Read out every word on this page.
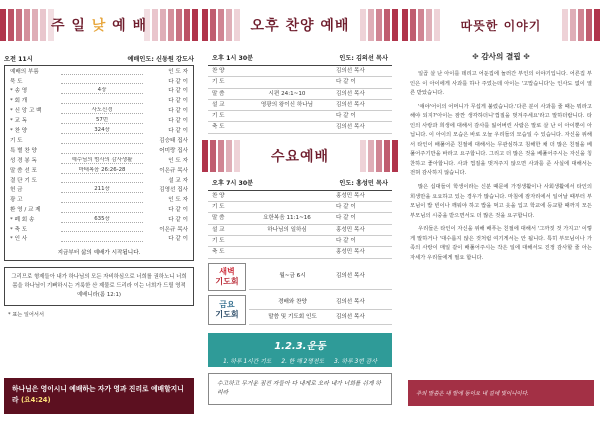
주 일 낮 예 배
오전 11시	예배인도: 신동원 강도사
예배의 부름	인 도 자
묵 도	다 같 이
* 송 영	4장	다 같 이
* 회 개	다 같 이
* 신 앙 고 백	사도신경	다 같 이
* 교 독	57번	다 같 이
* 찬 양	324장	다 같 이
기 도	김승태 집사
특 별 찬 양	어미랑 집사
성 경 봉 독	예수님의 범사의 감사생활	인 도 자
말 씀 선 포	마태복음 26:26-28	이은규 목사
결 단 기 도	설 교 자
헌 금	211장	김영선 집사
광 고	인 도 자
환 영 / 교 제	다 같 이
* 폐 회 송	635장	다 같 이
* 축 도	이은규 목사
* 인 사	다 같 이
지금부터 삶의 예배가 시작됩니다.
그리므로 형제들아 내가 하나님의 모든 자비하심으로 너희를 권하노니 너희 몸을 하나님이 기뻐하시는 거룩한 산 제물로 드리라 이는 너희가 드릴 영적 예배니라(롬 12:1)
* 표는 일어서서
하나님은 영이시니 예배하는 자가 영과 진리로 예배할지니라 (요4:24)
오후 찬양 예배
오후 1시 30분	인도: 김의선 목사
찬 양	김의선 목사
기 도	다 같 이
말 씀	시편 24:1~10	김의선 목사
설 교	영광의 왕이신 하나님	김의선 목사
기 도	다 같 이
축 도	김의선 목사
수요예배
오후 7시 30분	인도: 홍성민 목사
찬 양	홍성민 목사
기 도	다 같 이
말 씀	요한복음 11:1~16	다 같 이
설 교	하나님의 일하심	홍성민 목사
기 도	다 같 이
축 도	홍성민 목사
새벽
기도회
월~금 6시	김의선 목사
금요
기도회
경배와 찬양	김의선 목사
말씀 및 기도회 인도	김의선 목사
1.2.3.운동
1. 하루 1시간 기도 2. 한 해 2명전도 3. 하루 3번 감사
수고하고 무거운 짐진 자들아 다 내게로 오라 내가 너희를 쉬게 하리라
따뜻한 이야기
✤ 감사의 결핍 ✤
일곱 살 난 아이를 데리고 어둔집에 놀러간 부인의 이야기입니다. 어른집 부인은 이 아이에게 사과를 하나 주었는데 아이는 '고맙습니다'는 인사도 없이 열른 받았습니다.
'얘야'어이의 어머니가 무섭게 불렀습니다.'다른 분이 사과를 줄 때는 뭐라고 해야 되지?'아이는 잠깐 생각하더니'껍질을 벗겨주세요'라고 말하더랍니다. 타인의 사랑과 희생에 대해서 감사를 잃어버린 사람은 말로 살 난 이 아이뿐이 아닙니다. 이 아이의 모습은 바로 오늘 우리들의 모습일 수 있습니다. 자신을 위해서 타인이 배풀어준 친절에 대해서는 무관심하고 침해한 채 더 많은 친절을 베풀어주기만을 바라고 요구합니다. 그리고 더 많은 것을 베풀어주시는 자신을 칭찬하고 좋아합니다. 사과 껍질을 벗겨주지 않으면 사과를 준 사실에 대해서는 전혀 감사하지 않습니다.
많은 십대들이 학생이라는 신분 때문에 가정생활이나 사회생활에서 타인의 희생만을 요요하고 있는 경우가 많습니다. 마침에 잠자리에서 일어날 때부터 부모님이 밥 빈이나 깨워야 하고 밥을 먹고 옷을 입고 학교에 등교할 때까지 모든 부모님의 시중을 받으면서도 더 많은 것을 요구합니다.
우리들은 타인이 자신을 위해 배푸는 친절에 대해서 '그까짓 것 가지고' 이렇게 말하거나 '대수롭지 않은 것처럼 여기게서는 안 됩니다. 특히 부모님이나 가족의 사랑이 매일 같이 배풀어주시는 작은 일에 대해서도 진정 감사할 줄 아는 자세가 우리들에게 필요 합니다.
주의 말씀은 내 발에 등이요 내 길에 빛이니이다.
